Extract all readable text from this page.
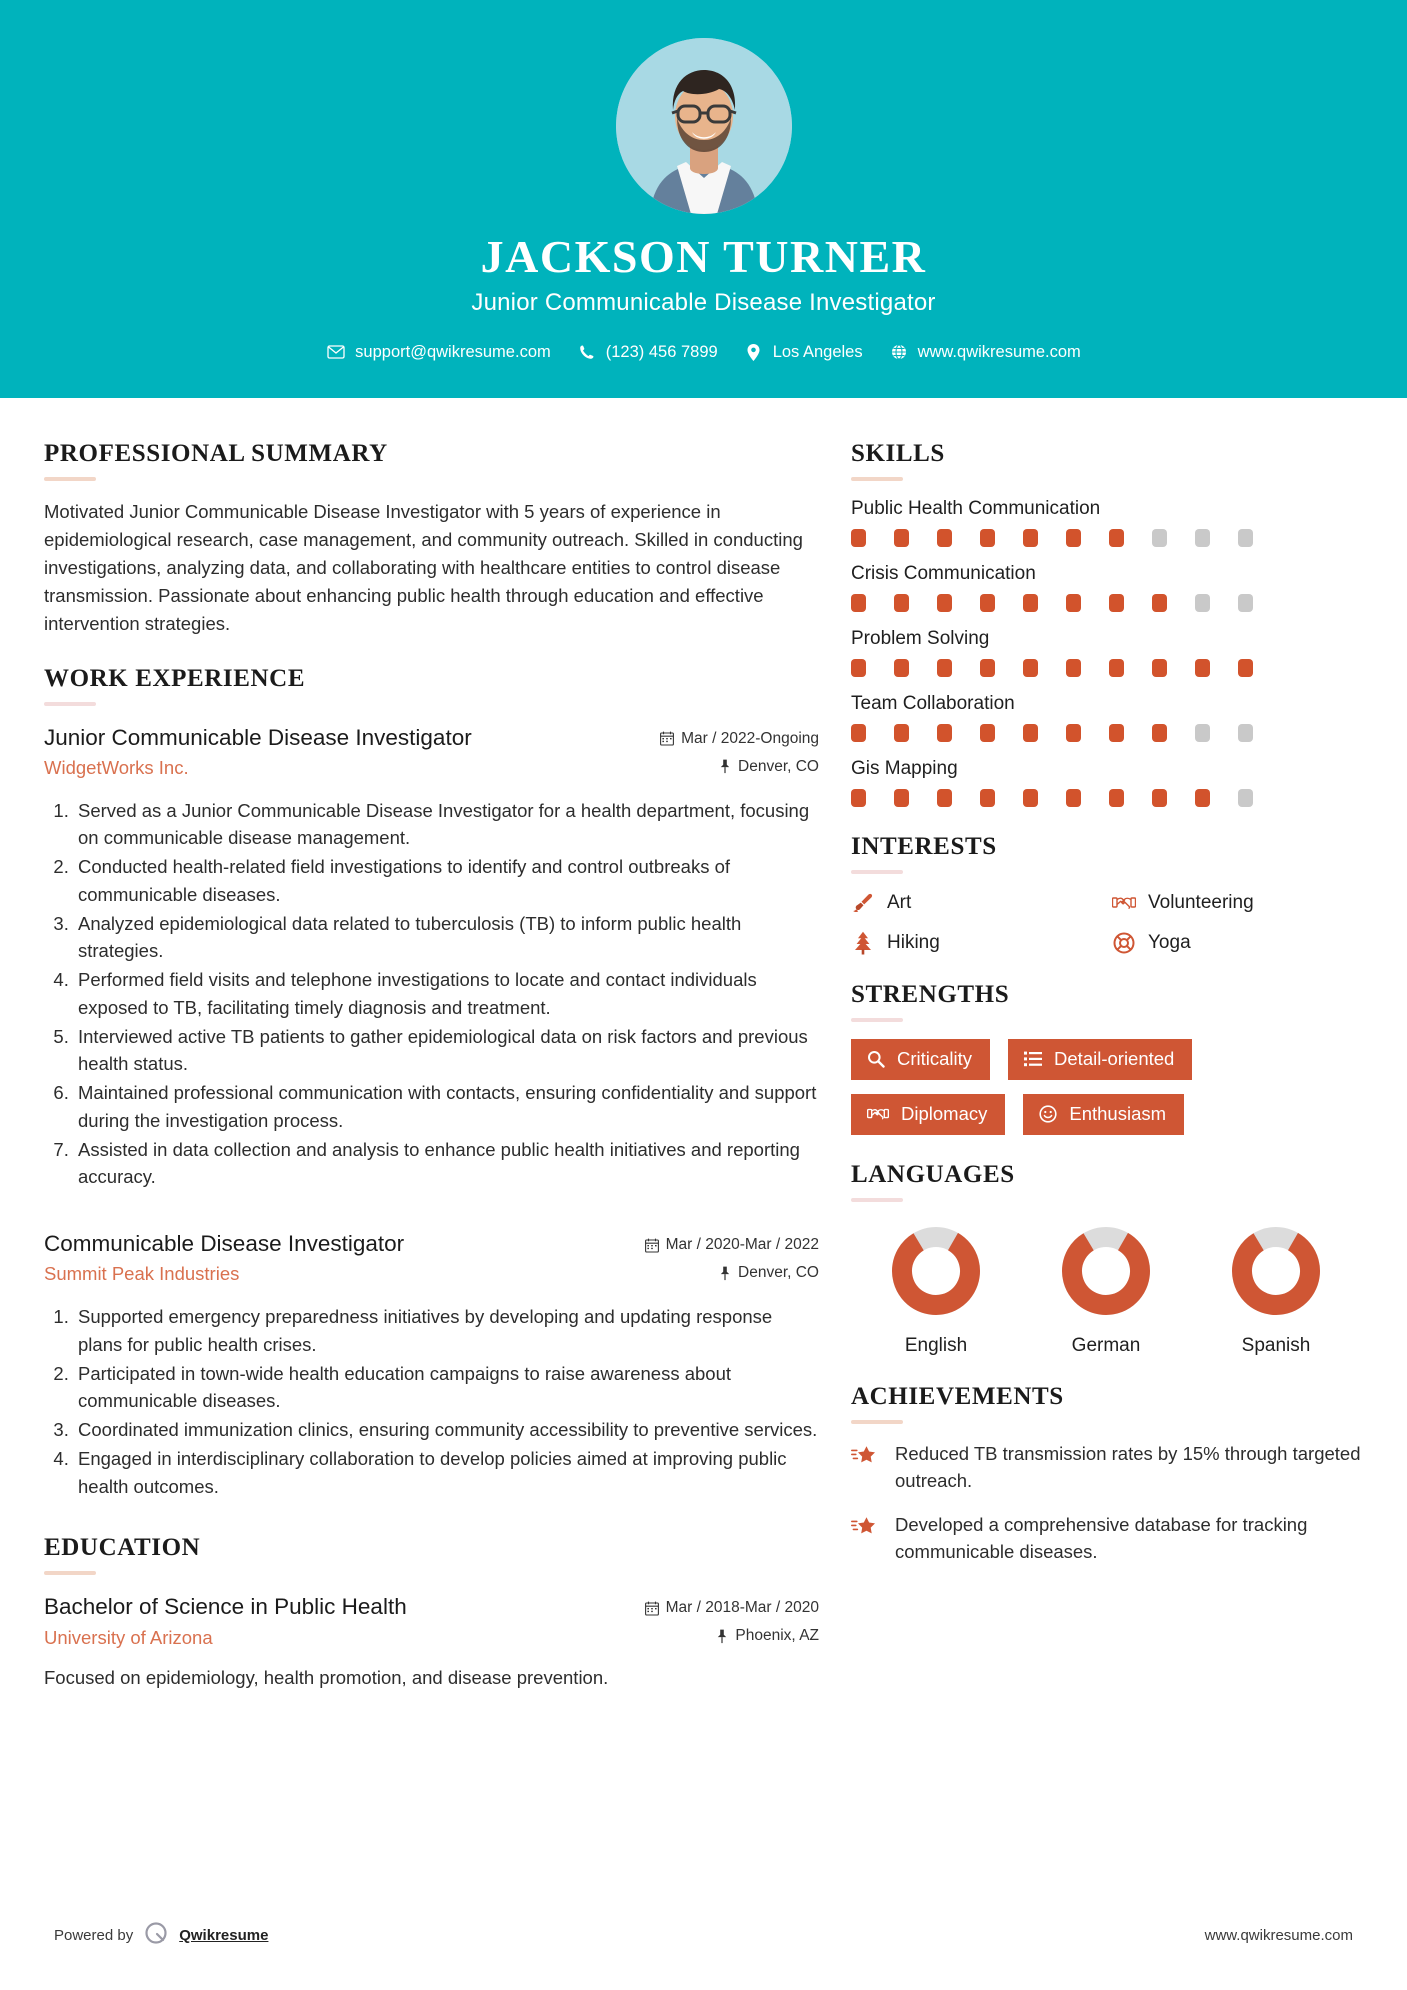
JACKSON TURNER
Junior Communicable Disease Investigator
support@qwikresume.com	(123) 456 7899	Los Angeles	www.qwikresume.com
PROFESSIONAL SUMMARY
Motivated Junior Communicable Disease Investigator with 5 years of experience in epidemiological research, case management, and community outreach. Skilled in conducting investigations, analyzing data, and collaborating with healthcare entities to control disease transmission. Passionate about enhancing public health through education and effective intervention strategies.
WORK EXPERIENCE
Junior Communicable Disease Investigator
WidgetWorks Inc.
Mar / 2022-Ongoing
Denver, CO
1. Served as a Junior Communicable Disease Investigator for a health department, focusing on communicable disease management.
2. Conducted health-related field investigations to identify and control outbreaks of communicable diseases.
3. Analyzed epidemiological data related to tuberculosis (TB) to inform public health strategies.
4. Performed field visits and telephone investigations to locate and contact individuals exposed to TB, facilitating timely diagnosis and treatment.
5. Interviewed active TB patients to gather epidemiological data on risk factors and previous health status.
6. Maintained professional communication with contacts, ensuring confidentiality and support during the investigation process.
7. Assisted in data collection and analysis to enhance public health initiatives and reporting accuracy.
Communicable Disease Investigator
Summit Peak Industries
Mar / 2020-Mar / 2022
Denver, CO
1. Supported emergency preparedness initiatives by developing and updating response plans for public health crises.
2. Participated in town-wide health education campaigns to raise awareness about communicable diseases.
3. Coordinated immunization clinics, ensuring community accessibility to preventive services.
4. Engaged in interdisciplinary collaboration to develop policies aimed at improving public health outcomes.
EDUCATION
Bachelor of Science in Public Health
University of Arizona
Mar / 2018-Mar / 2020
Phoenix, AZ
Focused on epidemiology, health promotion, and disease prevention.
SKILLS
Public Health Communication
Crisis Communication
Problem Solving
Team Collaboration
Gis Mapping
INTERESTS
Art	Volunteering
Hiking	Yoga
STRENGTHS
Criticality	Detail-oriented
Diplomacy	Enthusiasm
LANGUAGES
English	German	Spanish
ACHIEVEMENTS
Reduced TB transmission rates by 15% through targeted outreach.
Developed a comprehensive database for tracking communicable diseases.
Powered by	Qwikresume	www.qwikresume.com
